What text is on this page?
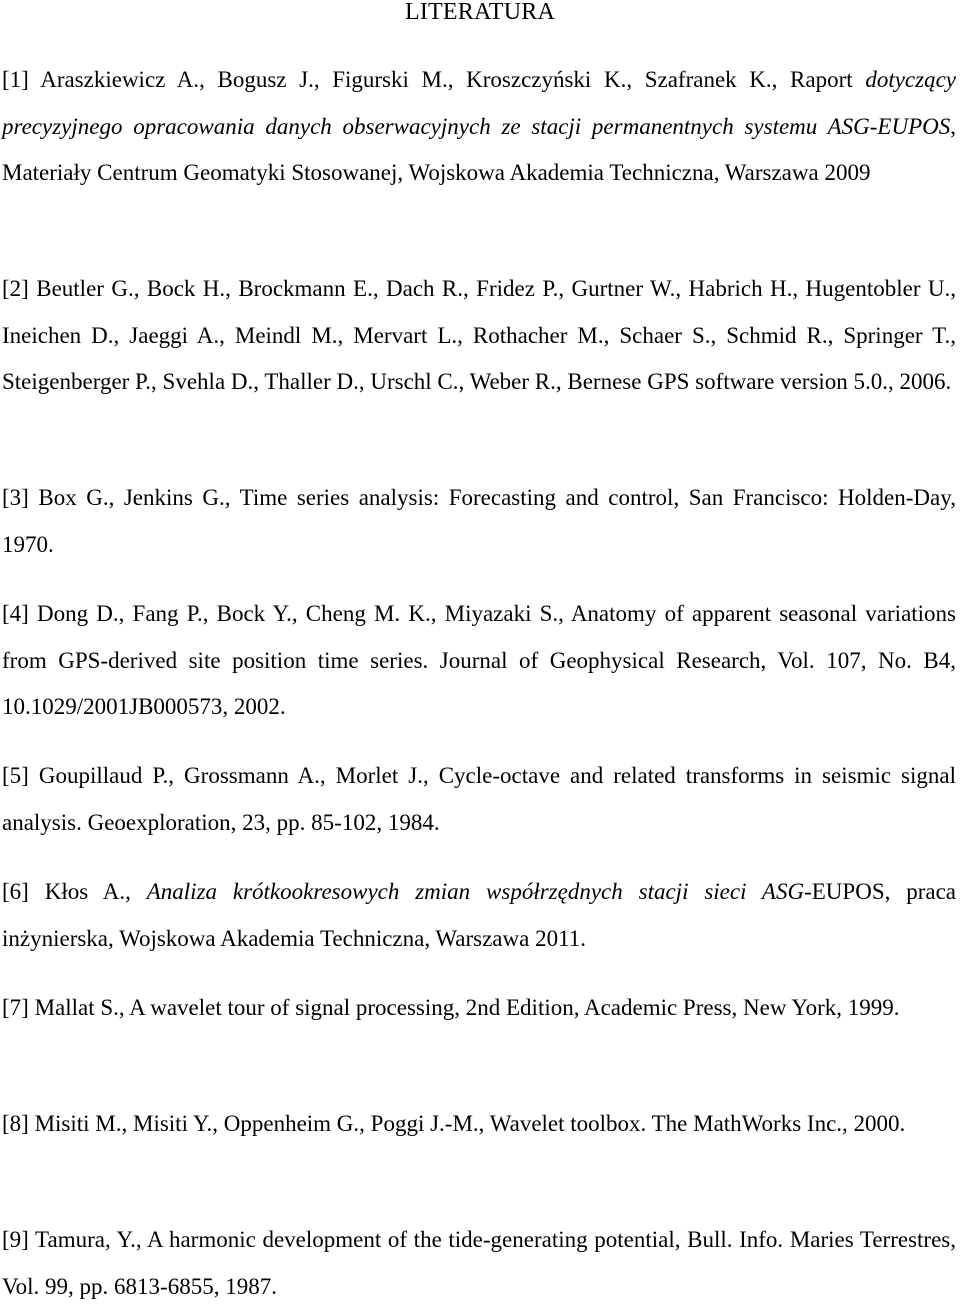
LITERATURA
[1] Araszkiewicz A., Bogusz J., Figurski M., Kroszczyński K., Szafranek K., Raport dotyczący precyzyjnego opracowania danych obserwacyjnych ze stacji permanentnych systemu ASG-EUPOS, Materiały Centrum Geomatyki Stosowanej, Wojskowa Akademia Techniczna, Warszawa 2009
[2] Beutler G., Bock H., Brockmann E., Dach R., Fridez P., Gurtner W., Habrich H., Hugentobler U., Ineichen D., Jaeggi A., Meindl M., Mervart L., Rothacher M., Schaer S., Schmid R., Springer T., Steigenberger P., Svehla D., Thaller D., Urschl C., Weber R., Bernese GPS software version 5.0., 2006.
[3] Box G., Jenkins G., Time series analysis: Forecasting and control, San Francisco: Holden-Day, 1970.
[4] Dong D., Fang P., Bock Y., Cheng M. K., Miyazaki S., Anatomy of apparent seasonal variations from GPS-derived site position time series. Journal of Geophysical Research, Vol. 107, No. B4, 10.1029/2001JB000573, 2002.
[5] Goupillaud P., Grossmann A., Morlet J., Cycle-octave and related transforms in seismic signal analysis. Geoexploration, 23, pp. 85-102, 1984.
[6] Kłos A., Analiza krótkookresowych zmian współrzędnych stacji sieci ASG-EUPOS, praca inżynierska, Wojskowa Akademia Techniczna, Warszawa 2011.
[7] Mallat S., A wavelet tour of signal processing, 2nd Edition, Academic Press, New York, 1999.
[8] Misiti M., Misiti Y., Oppenheim G., Poggi J.-M., Wavelet toolbox. The MathWorks Inc., 2000.
[9] Tamura, Y., A harmonic development of the tide-generating potential, Bull. Info. Maries Terrestres, Vol. 99, pp. 6813-6855, 1987.
